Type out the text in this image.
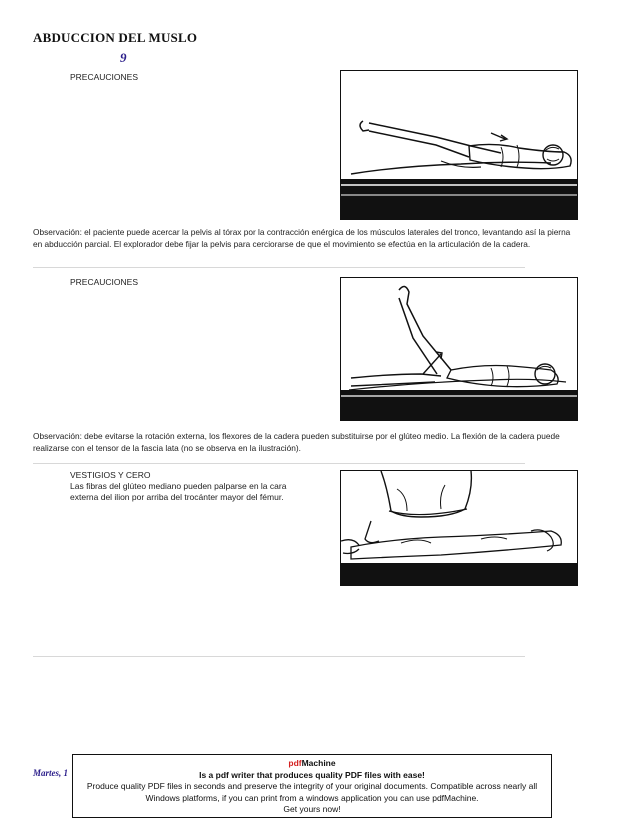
ABDUCCION DEL MUSLO
9
PRECAUCIONES
Observación: el paciente puede acercar la pelvis al tórax por la contracción enérgica de los músculos laterales del tronco, levantando así la pierna en abducción parcial. El explorador debe fijar la pelvis para cerciorarse de que el movimiento se efectúa en la articulación de la cadera.
PRECAUCIONES
Observación: debe evitarse la rotación externa, los flexores de la cadera pueden substituirse por el glúteo medio. La flexión de la cadera puede realizarse con el tensor de la fascia lata (no se observa en la ilustración).
VESTIGIOS Y CERO
Las fibras del glúteo mediano pueden palparse en la cara externa del ilion por arriba del trocánter mayor del fémur.
Martes, 1
pdfMachine
Is a pdf writer that produces quality PDF files with ease!
Produce quality PDF files in seconds and preserve the integrity of your original documents. Compatible across nearly all Windows platforms, if you can print from a windows application you can use pdfMachine.
Get yours now!
